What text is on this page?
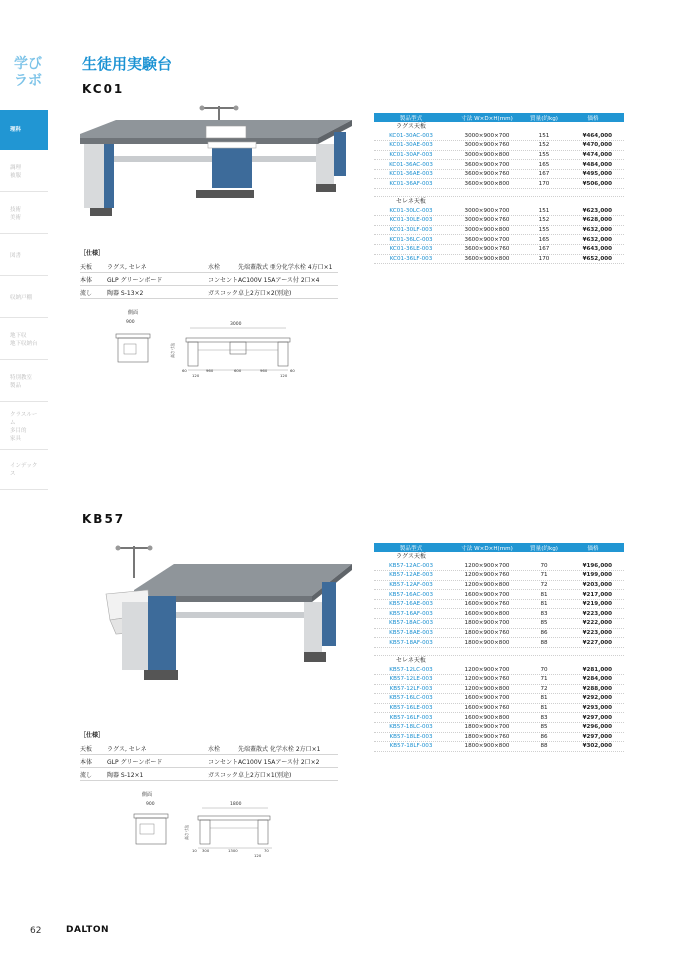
学び
ラボ
理科
調理
被服
技術
美術
図書
収納戸棚
地下収
地下収納台
特別教室
製品
クラスルーム
多目的
家具
インデックス
生徒用実験台
KC01
［仕様］
天板	ラグス, セレネ	水栓	先端蓋散式 亜分化学水栓 4方口×1
本体	GLP グリーンボード	コンセント	AC100V 15Aアース付 2口×4
流し	陶器 S-13×2	ガスコック	卓上2方口×2(別途)
側面
900	3000
高さ寸法
60
120
960	600	960
120
60
製品型式	寸法 W×D×H(mm)	質量(約kg)	価格
ラグス天板
KC01-30AC-003	3000×900×700	151	¥464,000
KC01-30AE-003	3000×900×760	152	¥470,000
KC01-30AF-003	3000×900×800	155	¥474,000
KC01-36AC-003	3600×900×700	165	¥484,000
KC01-36AE-003	3600×900×760	167	¥495,000
KC01-36AF-003	3600×900×800	170	¥506,000
セレネ天板
KC01-30LC-003	3000×900×700	151	¥623,000
KC01-30LE-003	3000×900×760	152	¥628,000
KC01-30LF-003	3000×900×800	155	¥632,000
KC01-36LC-003	3600×900×700	165	¥632,000
KC01-36LE-003	3600×900×760	167	¥643,000
KC01-36LF-003	3600×900×800	170	¥652,000
KB57
［仕様］
天板	ラグス, セレネ	水栓	先端蓋散式 化学水栓 2方口×1
本体	GLP グリーンボード	コンセント	AC100V 15Aアース付 2口×2
流し	陶器 S-12×1	ガスコック	卓上2方口×1(別途)
側面
900	1800
高さ寸法
10 300	1300	70
120
製品型式	寸法 W×D×H(mm)	質量(約kg)	価格
ラグス天板
KB57-12AC-003	1200×900×700	70	¥196,000
KB57-12AE-003	1200×900×760	71	¥199,000
KB57-12AF-003	1200×900×800	72	¥203,000
KB57-16AC-003	1600×900×700	81	¥217,000
KB57-16AE-003	1600×900×760	81	¥219,000
KB57-16AF-003	1600×900×800	83	¥223,000
KB57-18AC-003	1800×900×700	85	¥222,000
KB57-18AE-003	1800×900×760	86	¥223,000
KB57-18AF-003	1800×900×800	88	¥227,000
セレネ天板
KB57-12LC-003	1200×900×700	70	¥281,000
KB57-12LE-003	1200×900×760	71	¥284,000
KB57-12LF-003	1200×900×800	72	¥288,000
KB57-16LC-003	1600×900×700	81	¥292,000
KB57-16LE-003	1600×900×760	81	¥293,000
KB57-16LF-003	1600×900×800	83	¥297,000
KB57-18LC-003	1800×900×700	85	¥296,000
KB57-18LE-003	1800×900×760	86	¥297,000
KB57-18LF-003	1800×900×800	88	¥302,000
62	DALTON
